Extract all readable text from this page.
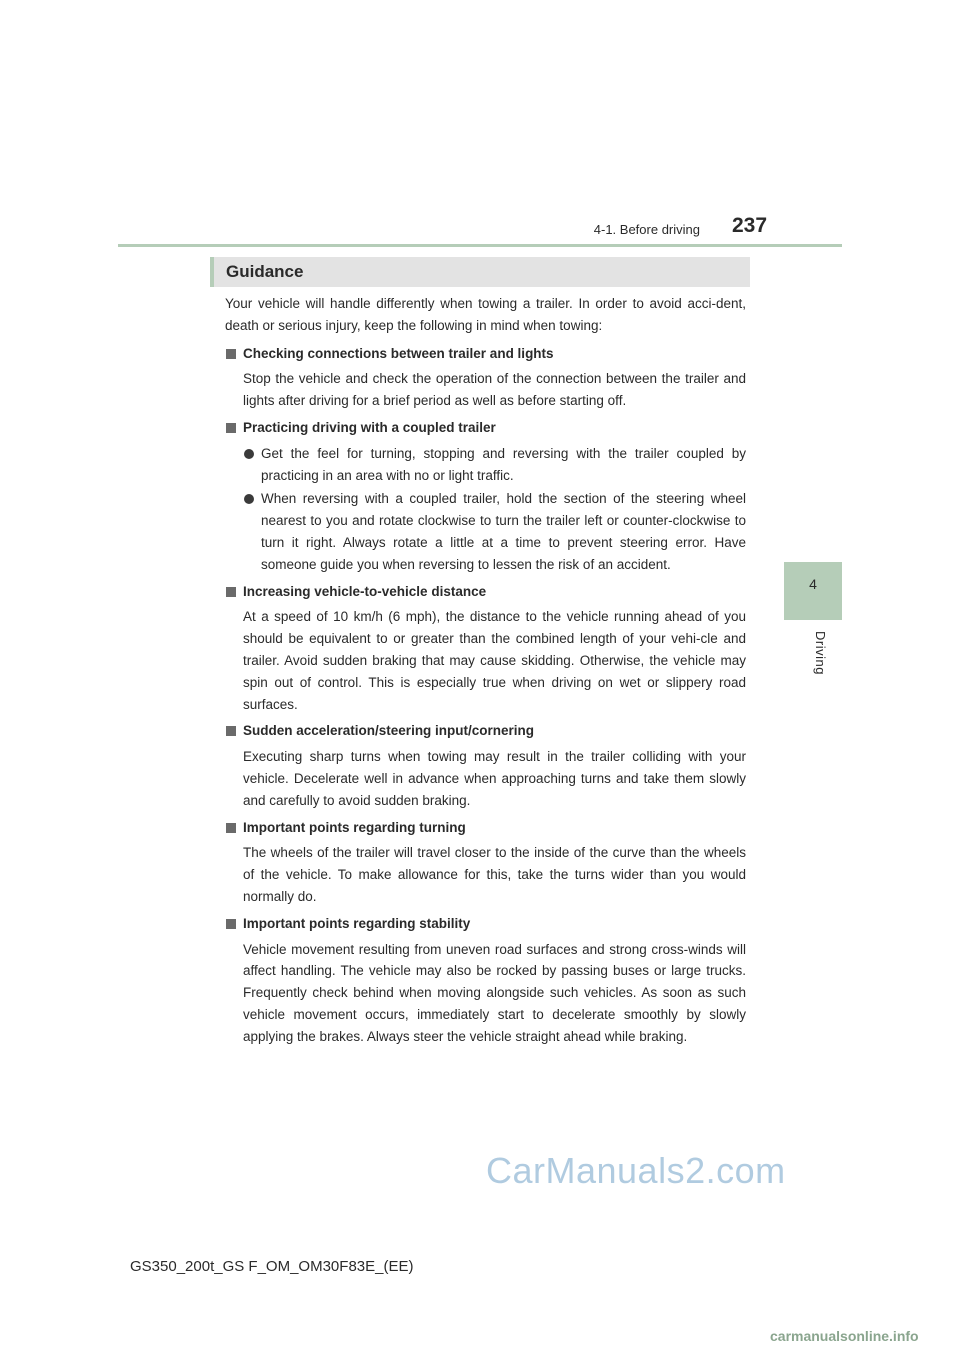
4-1. Before driving 237
4
Driving
Guidance

Your vehicle will handle differently when towing a trailer. In order to avoid acci-dent, death or serious injury, keep the following in mind when towing:

Checking connections between trailer and lights

Stop the vehicle and check the operation of the connection between the trailer and lights after driving for a brief period as well as before starting off.

Practicing driving with a coupled trailer

Get the feel for turning, stopping and reversing with the trailer coupled by practicing in an area with no or light traffic.

When reversing with a coupled trailer, hold the section of the steering wheel nearest to you and rotate clockwise to turn the trailer left or counter-clockwise to turn it right. Always rotate a little at a time to prevent steering error. Have someone guide you when reversing to lessen the risk of an accident.

Increasing vehicle-to-vehicle distance

At a speed of 10 km/h (6 mph), the distance to the vehicle running ahead of you should be equivalent to or greater than the combined length of your vehi-cle and trailer. Avoid sudden braking that may cause skidding. Otherwise, the vehicle may spin out of control. This is especially true when driving on wet or slippery road surfaces.

Sudden acceleration/steering input/cornering

Executing sharp turns when towing may result in the trailer colliding with your vehicle. Decelerate well in advance when approaching turns and take them slowly and carefully to avoid sudden braking.

Important points regarding turning

The wheels of the trailer will travel closer to the inside of the curve than the wheels of the vehicle. To make allowance for this, take the turns wider than you would normally do.

Important points regarding stability

Vehicle movement resulting from uneven road surfaces and strong cross-winds will affect handling. The vehicle may also be rocked by passing buses or large trucks. Frequently check behind when moving alongside such vehicles. As soon as such vehicle movement occurs, immediately start to decelerate smoothly by slowly applying the brakes. Always steer the vehicle straight ahead while braking.

CarManuals2.com
GS350_200t_GS F_OM_OM30F83E_(EE)
carmanualsonline.info
